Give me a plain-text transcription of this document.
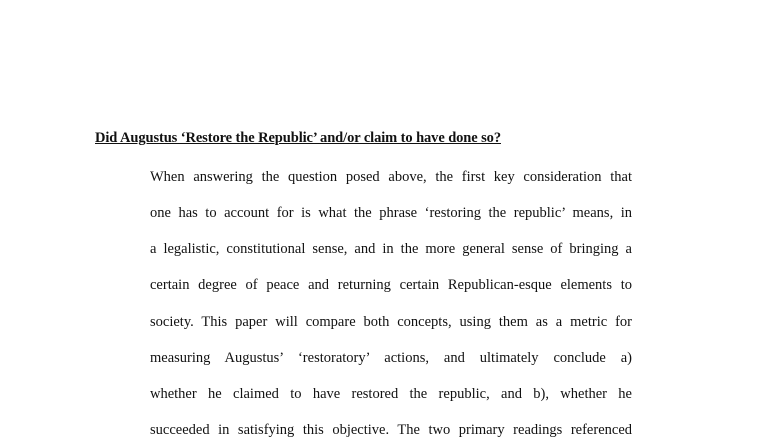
Did Augustus ‘Restore the Republic’ and/or claim to have done so?
When answering the question posed above, the first key consideration that
one has to account for is what the phrase ‘restoring the republic’ means, in
a legalistic, constitutional sense, and in the more general sense of bringing a
certain degree of peace and returning certain Republican-esque elements to
society. This paper will compare both concepts, using them as a metric for
measuring Augustus’ ‘restoratory’ actions, and ultimately conclude a)
whether he claimed to have restored the republic, and b), whether he
succeeded in satisfying this objective. The two primary readings referenced
